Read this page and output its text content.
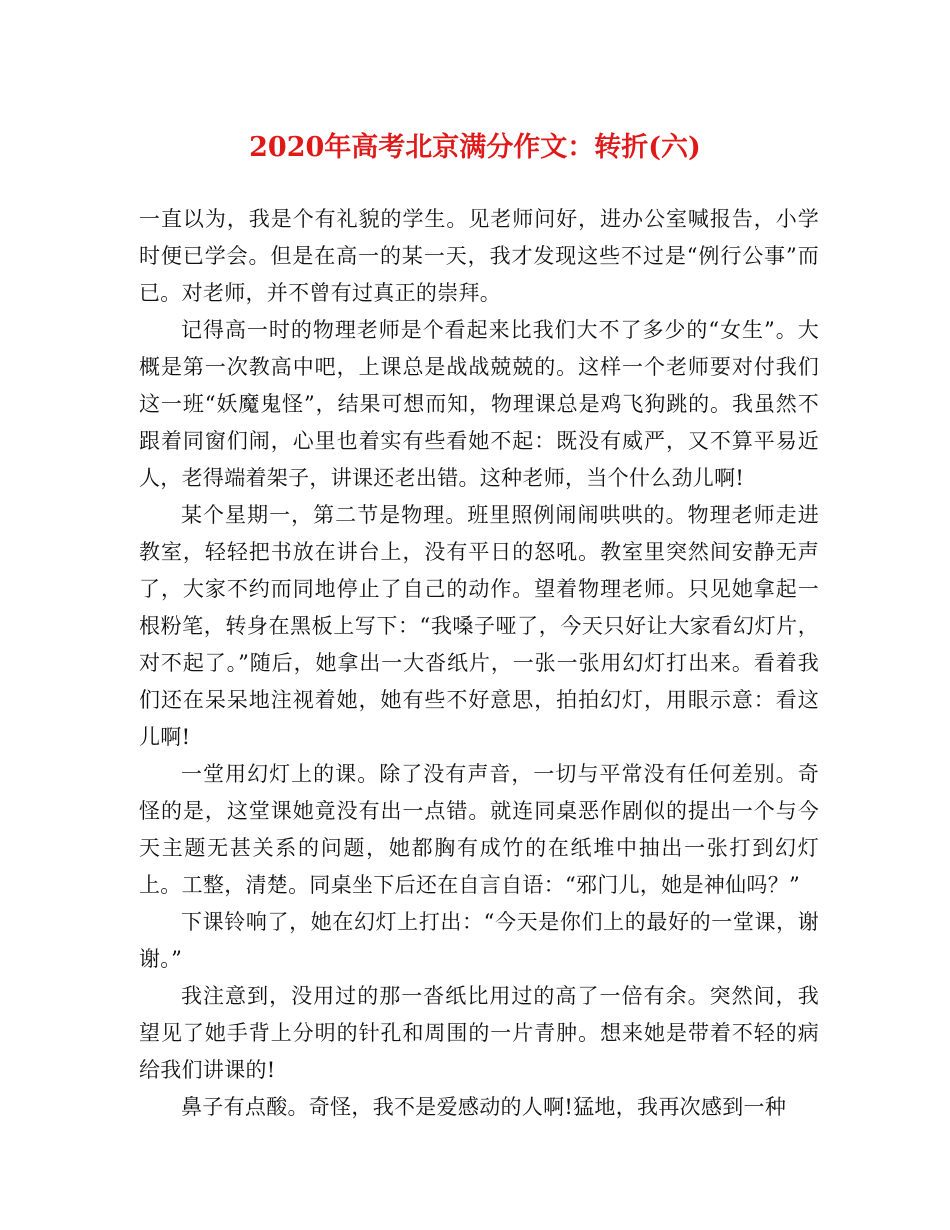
2020年高考北京满分作文：转折(六)

一直以为，我是个有礼貌的学生。见老师问好，进办公室喊报告，小学时便已学会。但是在高一的某一天，我才发现这些不过是“例行公事”而已。对老师，并不曾有过真正的崇拜。

记得高一时的物理老师是个看起来比我们大不了多少的“女生”。大概是第一次教高中吧，上课总是战战兢兢的。这样一个老师要对付我们这一班“妖魔鬼怪”，结果可想而知，物理课总是鸡飞狗跳的。我虽然不跟着同窗们闹，心里也着实有些看她不起：既没有威严，又不算平易近人，老得端着架子，讲课还老出错。这种老师，当个什么劲儿啊!

某个星期一，第二节是物理。班里照例闹闹哄哄的。物理老师走进教室，轻轻把书放在讲台上，没有平日的怒吼。教室里突然间安静无声了，大家不约而同地停止了自己的动作。望着物理老师。只见她拿起一根粉笔，转身在黑板上写下：“我嗓子哑了，今天只好让大家看幻灯片，对不起了。”随后，她拿出一大沓纸片，一张一张用幻灯打出来。看着我们还在呆呆地注视着她，她有些不好意思，拍拍幻灯，用眼示意：看这儿啊!

一堂用幻灯上的课。除了没有声音，一切与平常没有任何差别。奇怪的是，这堂课她竟没有出一点错。就连同桌恶作剧似的提出一个与今天主题无甚关系的问题，她都胸有成竹的在纸堆中抽出一张打到幻灯上。工整，清楚。同桌坐下后还在自言自语：“邪门儿，她是神仙吗？”

下课铃响了，她在幻灯上打出：“今天是你们上的最好的一堂课，谢谢。”

我注意到，没用过的那一沓纸比用过的高了一倍有余。突然间，我望见了她手背上分明的针孔和周围的一片青肿。想来她是带着不轻的病给我们讲课的!

鼻子有点酸。奇怪，我不是爱感动的人啊!猛地，我再次感到一种
